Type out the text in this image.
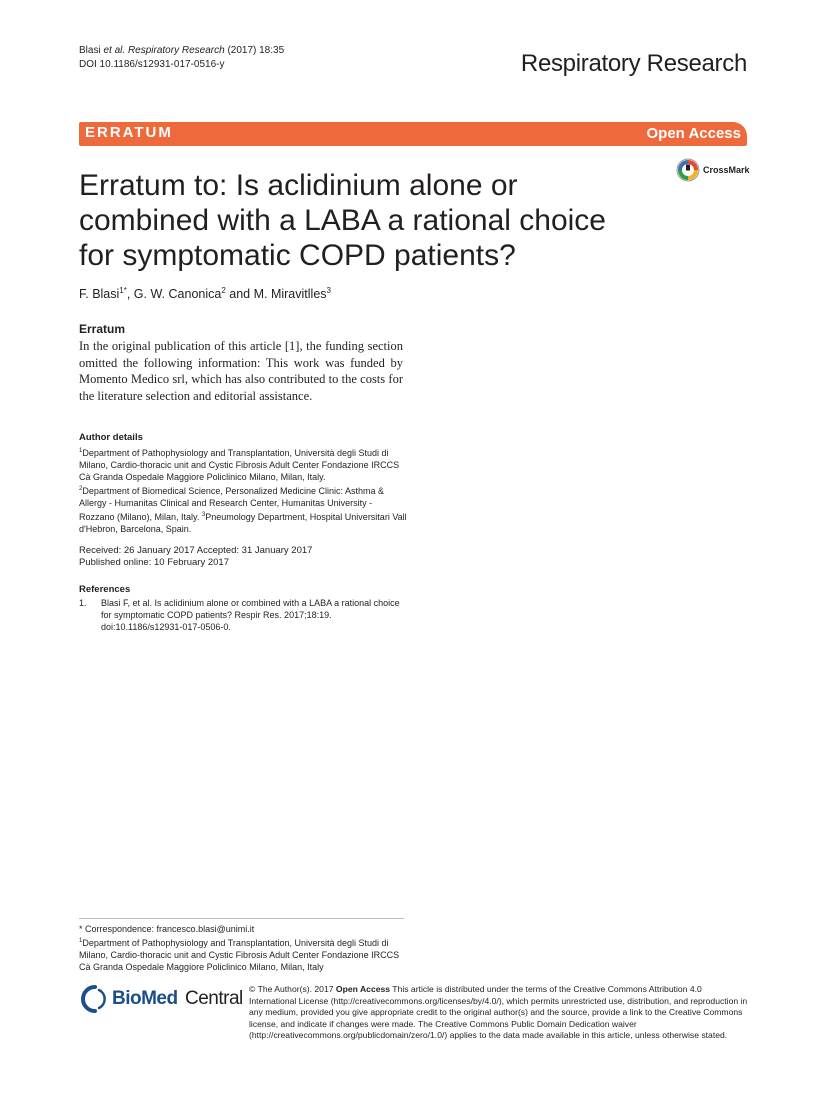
Blasi et al. Respiratory Research (2017) 18:35
DOI 10.1186/s12931-017-0516-y	Respiratory Research
ERRATUM	Open Access
CrossMark
Erratum to: Is aclidinium alone or
combined with a LABA a rational choice
for symptomatic COPD patients?
F. Blasi$^{1*}$, G. W. Canonica$^2$ and M. Miravitlles$^3$
Erratum
In the original publication of this article [1], the funding section omitted the following information: This work was funded by Momento Medico srl, which has also contributed to the costs for the literature selection and editorial assistance.
Author details
$^1$Department of Pathophysiology and Transplantation, Università degli Studi di Milano, Cardio-thoracic unit and Cystic Fibrosis Adult Center Fondazione IRCCS Cà Granda Ospedale Maggiore Policlinico Milano, Milan, Italy.
$^2$Department of Biomedical Science, Personalized Medicine Clinic: Asthma & Allergy - Humanitas Clinical and Research Center, Humanitas University - Rozzano (Milano), Milan, Italy. $^3$Pneumology Department, Hospital Universitari Vall d'Hebron, Barcelona, Spain.
Received: 26 January 2017 Accepted: 31 January 2017
Published online: 10 February 2017
References
1. Blasi F, et al. Is aclidinium alone or combined with a LABA a rational choice for symptomatic COPD patients? Respir Res. 2017;18:19. doi:10.1186/s12931-017-0506-0.
* Correspondence: francesco.blasi@unimi.it
$^1$Department of Pathophysiology and Transplantation, Università degli Studi di Milano, Cardio-thoracic unit and Cystic Fibrosis Adult Center Fondazione IRCCS Cà Granda Ospedale Maggiore Policlinico Milano, Milan, Italy
BioMed Central © The Author(s). 2017 Open Access This article is distributed under the terms of the Creative Commons Attribution 4.0 International License (http://creativecommons.org/licenses/by/4.0/), which permits unrestricted use, distribution, and reproduction in any medium, provided you give appropriate credit to the original author(s) and the source, provide a link to the Creative Commons license, and indicate if changes were made. The Creative Commons Public Domain Dedication waiver (http://creativecommons.org/publicdomain/zero/1.0/) applies to the data made available in this article, unless otherwise stated.
